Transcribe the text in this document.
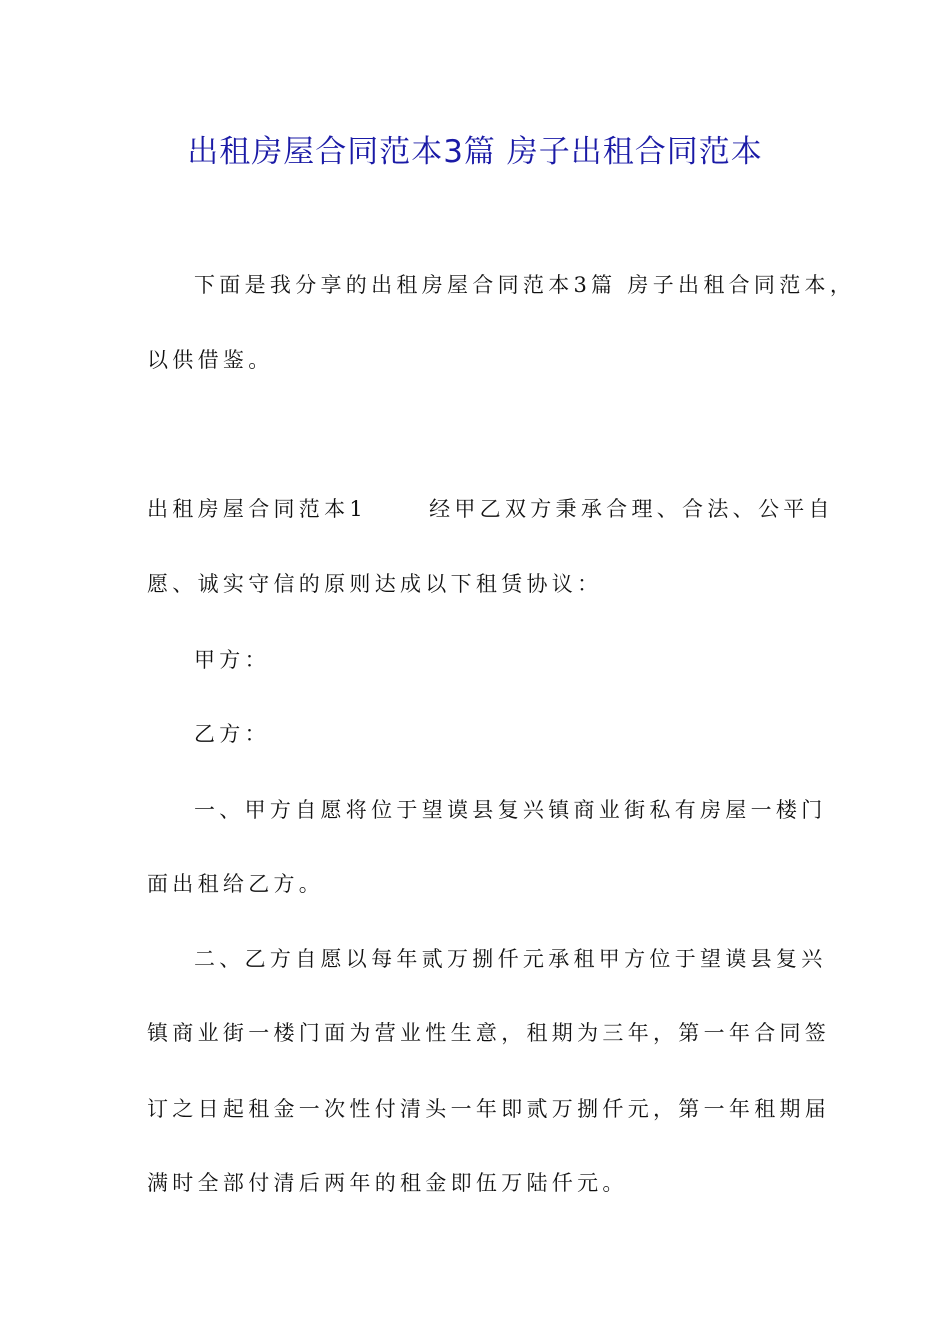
出租房屋合同范本3篇 房子出租合同范本
下面是我分享的出租房屋合同范本3篇 房子出租合同范本，
以供借鉴。
出租房屋合同范本1	经甲乙双方秉承合理、合法、公平自
愿、诚实守信的原则达成以下租赁协议：
甲方：
乙方：
一、甲方自愿将位于望谟县复兴镇商业街私有房屋一楼门
面出租给乙方。
二、乙方自愿以每年贰万捌仟元承租甲方位于望谟县复兴
镇商业街一楼门面为营业性生意，租期为三年，第一年合同签
订之日起租金一次性付清头一年即贰万捌仟元，第一年租期届
满时全部付清后两年的租金即伍万陆仟元。
